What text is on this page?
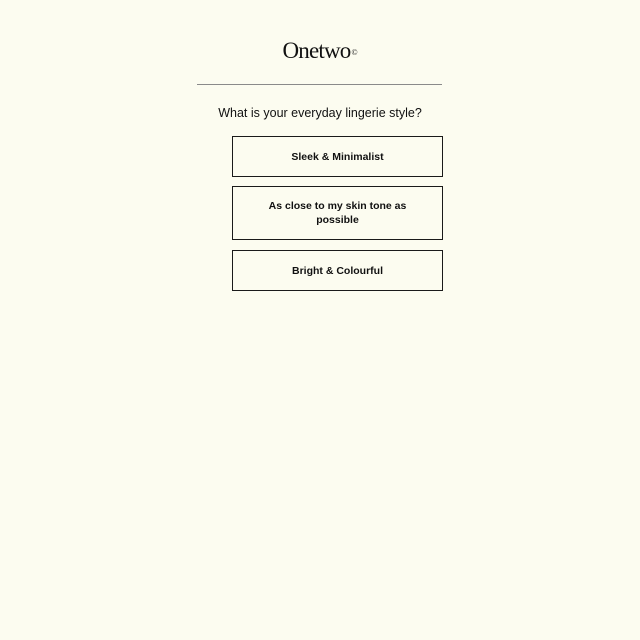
Onetwo©
What is your everyday lingerie style?
Sleek & Minimalist
As close to my skin tone as possible
Bright & Colourful
